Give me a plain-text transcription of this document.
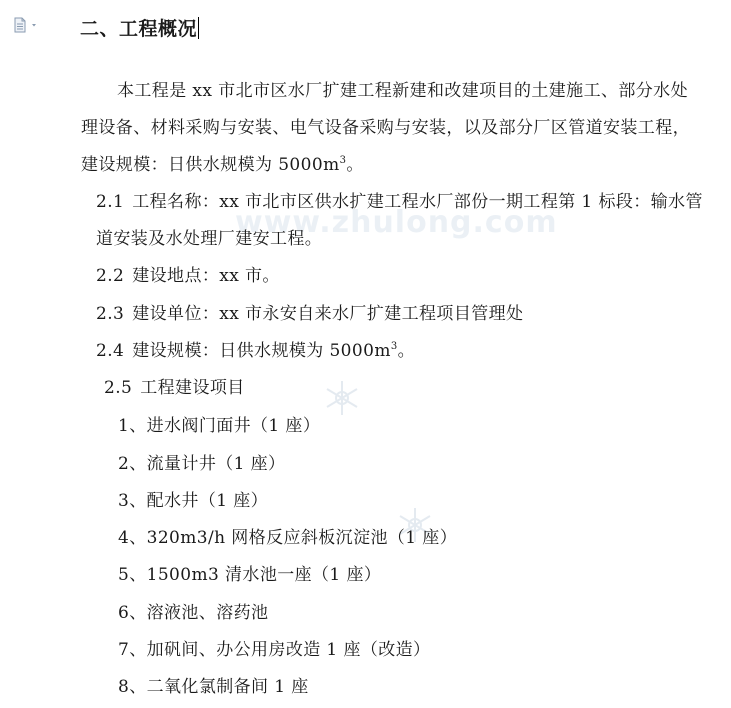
www.zhulong.com
二、工程概况
本工程是 xx 市北市区水厂扩建工程新建和改建项目的土建施工、部分水处理设备、材料采购与安装、电气设备采购与安装，以及部分厂区管道安装工程，建设规模：日供水规模为 $5000m^3$。
2.1 工程名称：xx 市北市区供水扩建工程水厂部份一期工程第 1 标段：输水管道安装及水处理厂建安工程。
2.2 建设地点：xx 市。
2.3 建设单位：xx 市永安自来水厂扩建工程项目管理处
2.4 建设规模：日供水规模为 $5000m^3$。
2.5 工程建设项目
1、进水阀门面井（1 座）
2、流量计井（1 座）
3、配水井（1 座）
4、320m3/h 网格反应斜板沉淀池（1 座）
5、1500m3 清水池一座（1 座）
6、溶液池、溶药池
7、加矾间、办公用房改造 1 座（改造）
8、二氧化氯制备间 1 座
